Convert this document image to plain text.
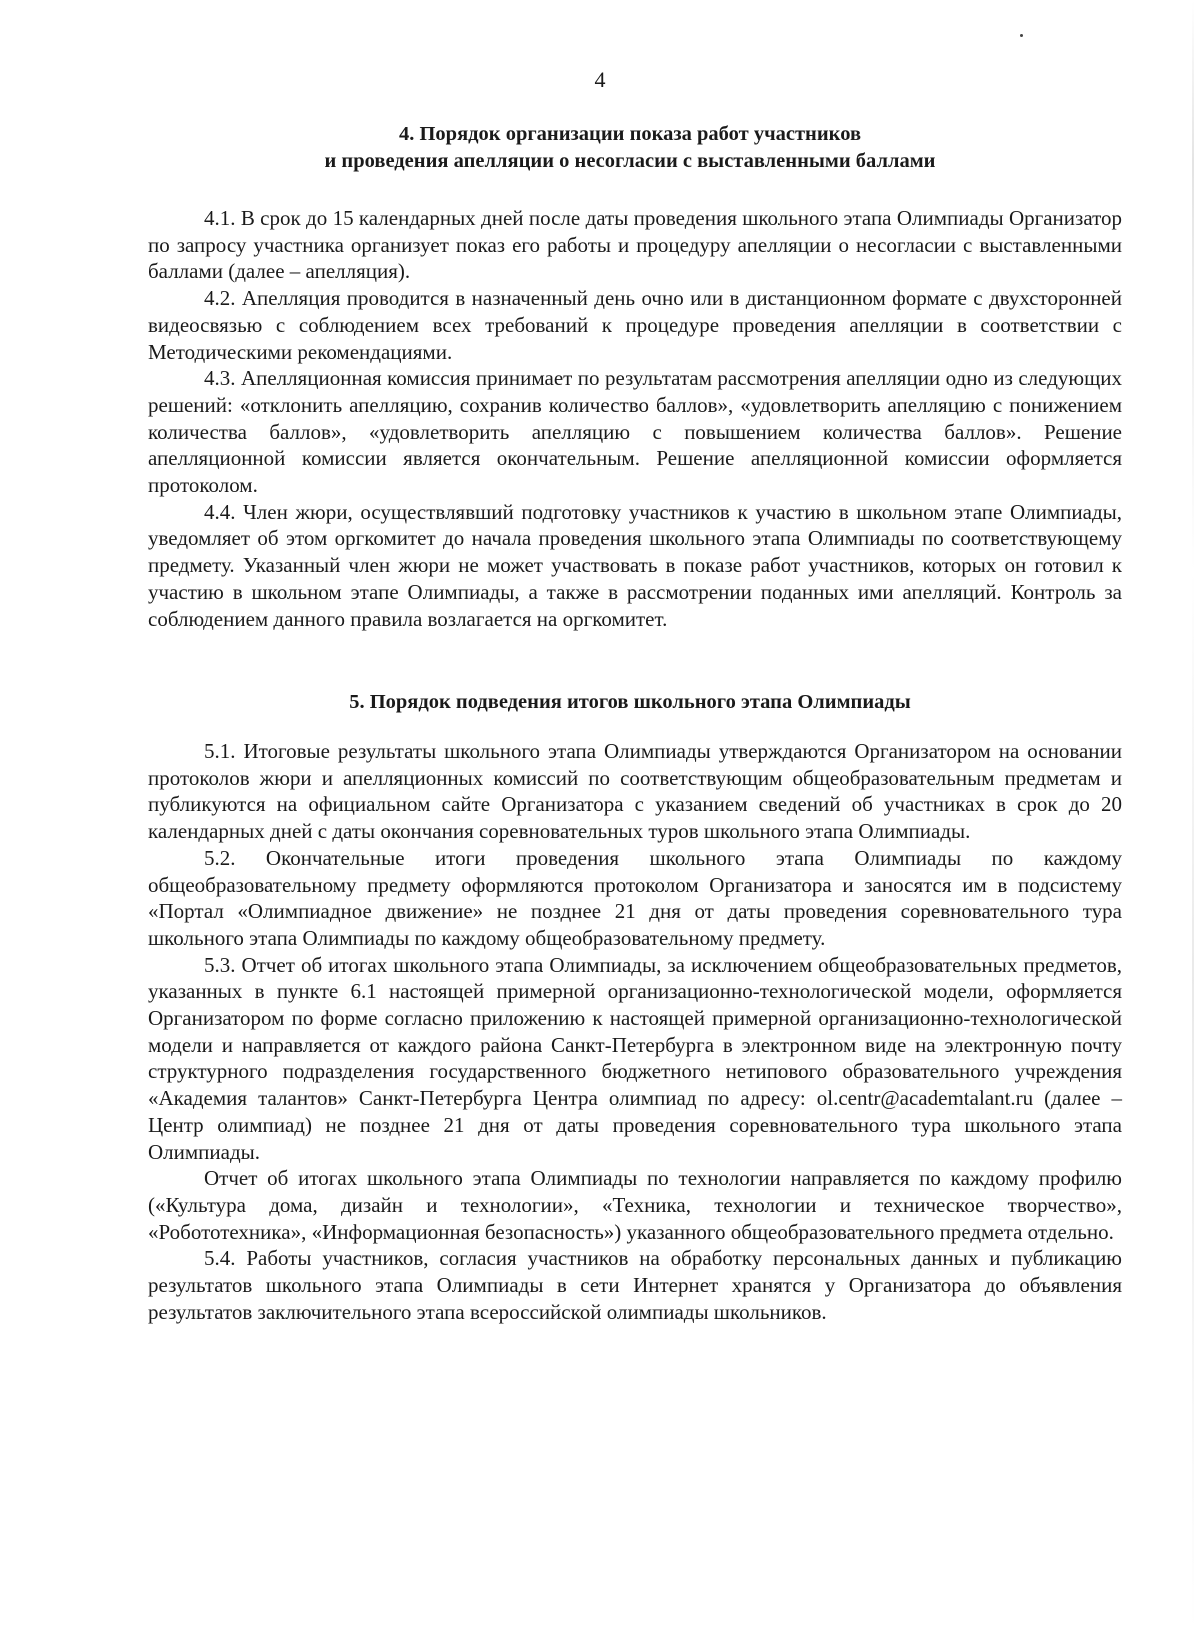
4
4. Порядок организации показа работ участников
и проведения апелляции о несогласии с выставленными баллами

4.1. В срок до 15 календарных дней после даты проведения школьного этапа Олимпиады Организатор по запросу участника организует показ его работы и процедуру апелляции о несогласии с выставленными баллами (далее – апелляция).

4.2. Апелляция проводится в назначенный день очно или в дистанционном формате с двухсторонней видеосвязью с соблюдением всех требований к процедуре проведения апелляции в соответствии с Методическими рекомендациями.

4.3. Апелляционная комиссия принимает по результатам рассмотрения апелляции одно из следующих решений: «отклонить апелляцию, сохранив количество баллов», «удовлетворить апелляцию с понижением количества баллов», «удовлетворить апелляцию с повышением количества баллов». Решение апелляционной комиссии является окончательным. Решение апелляционной комиссии оформляется протоколом.

4.4. Член жюри, осуществлявший подготовку участников к участию в школьном этапе Олимпиады, уведомляет об этом оргкомитет до начала проведения школьного этапа Олимпиады по соответствующему предмету. Указанный член жюри не может участвовать в показе работ участников, которых он готовил к участию в школьном этапе Олимпиады, а также в рассмотрении поданных ими апелляций. Контроль за соблюдением данного правила возлагается на оргкомитет.

5. Порядок подведения итогов школьного этапа Олимпиады

5.1. Итоговые результаты школьного этапа Олимпиады утверждаются Организатором на основании протоколов жюри и апелляционных комиссий по соответствующим общеобразовательным предметам и публикуются на официальном сайте Организатора с указанием сведений об участниках в срок до 20 календарных дней с даты окончания соревновательных туров школьного этапа Олимпиады.

5.2. Окончательные итоги проведения школьного этапа Олимпиады по каждому общеобразовательному предмету оформляются протоколом Организатора и заносятся им в подсистему «Портал «Олимпиадное движение» не позднее 21 дня от даты проведения соревновательного тура школьного этапа Олимпиады по каждому общеобразовательному предмету.

5.3. Отчет об итогах школьного этапа Олимпиады, за исключением общеобразовательных предметов, указанных в пункте 6.1 настоящей примерной организационно-технологической модели, оформляется Организатором по форме согласно приложению к настоящей примерной организационно-технологической модели и направляется от каждого района Санкт-Петербурга в электронном виде на электронную почту структурного подразделения государственного бюджетного нетипового образовательного учреждения «Академия талантов» Санкт-Петербурга Центра олимпиад по адресу: ol.centr@academtalant.ru (далее – Центр олимпиад) не позднее 21 дня от даты проведения соревновательного тура школьного этапа Олимпиады.

Отчет об итогах школьного этапа Олимпиады по технологии направляется по каждому профилю («Культура дома, дизайн и технологии», «Техника, технологии и техническое творчество», «Робототехника», «Информационная безопасность») указанного общеобразовательного предмета отдельно.

5.4. Работы участников, согласия участников на обработку персональных данных и публикацию результатов школьного этапа Олимпиады в сети Интернет хранятся у Организатора до объявления результатов заключительного этапа всероссийской олимпиады школьников.
